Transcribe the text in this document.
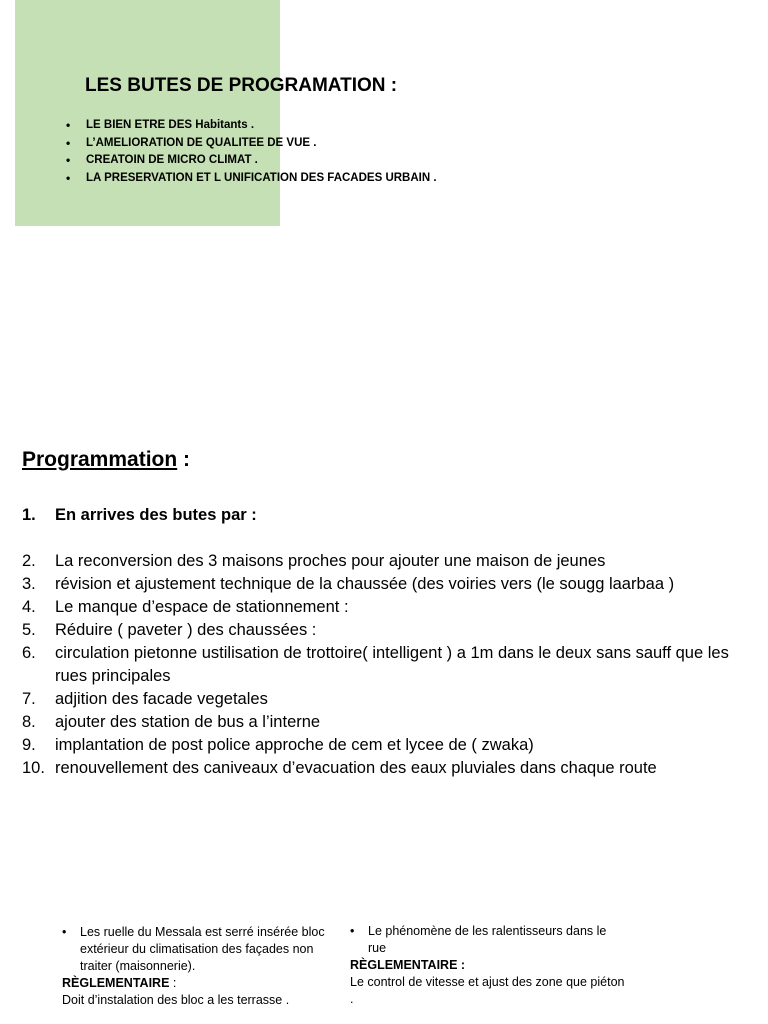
LES BUTES DE PROGRAMATION :
• LE BIEN ETRE DES Habitants .
• L’AMELIORATION DE QUALITEE DE VUE .
• CREATOIN DE MICRO CLIMAT .
• LA PRESERVATION ET L UNIFICATION DES FACADES URBAIN .
Programmation :
1.	En arrives des butes par :
2.	La reconversion des 3 maisons proches pour ajouter une maison de jeunes
3.	révision et ajustement technique de la chaussée (des voiries vers (le sougg laarbaa )
4.	Le manque d’espace de stationnement :
5.	Réduire ( paveter ) des chaussées :
6.	circulation pietonne ustilisation de trottoire( intelligent ) a 1m dans le deux sans sauff que les rues principales
7.	adjition des facade vegetales
8.	ajouter des station de bus a l’interne
9.	implantation de post police approche de cem et lycee de ( zwaka)
10. renouvellement des caniveaux d’evacuation des eaux pluviales dans chaque route
• Les ruelle du Messala est serré insérée bloc extérieur du climatisation des façades non traiter (maisonnerie).
RÈGLEMENTAIRE :
Doit d’instalation des bloc a les terrasse .
• Le phénomène de les ralentisseurs dans le rue
RÈGLEMENTAIRE :
Le control de vitesse et ajust des zone que piéton .
